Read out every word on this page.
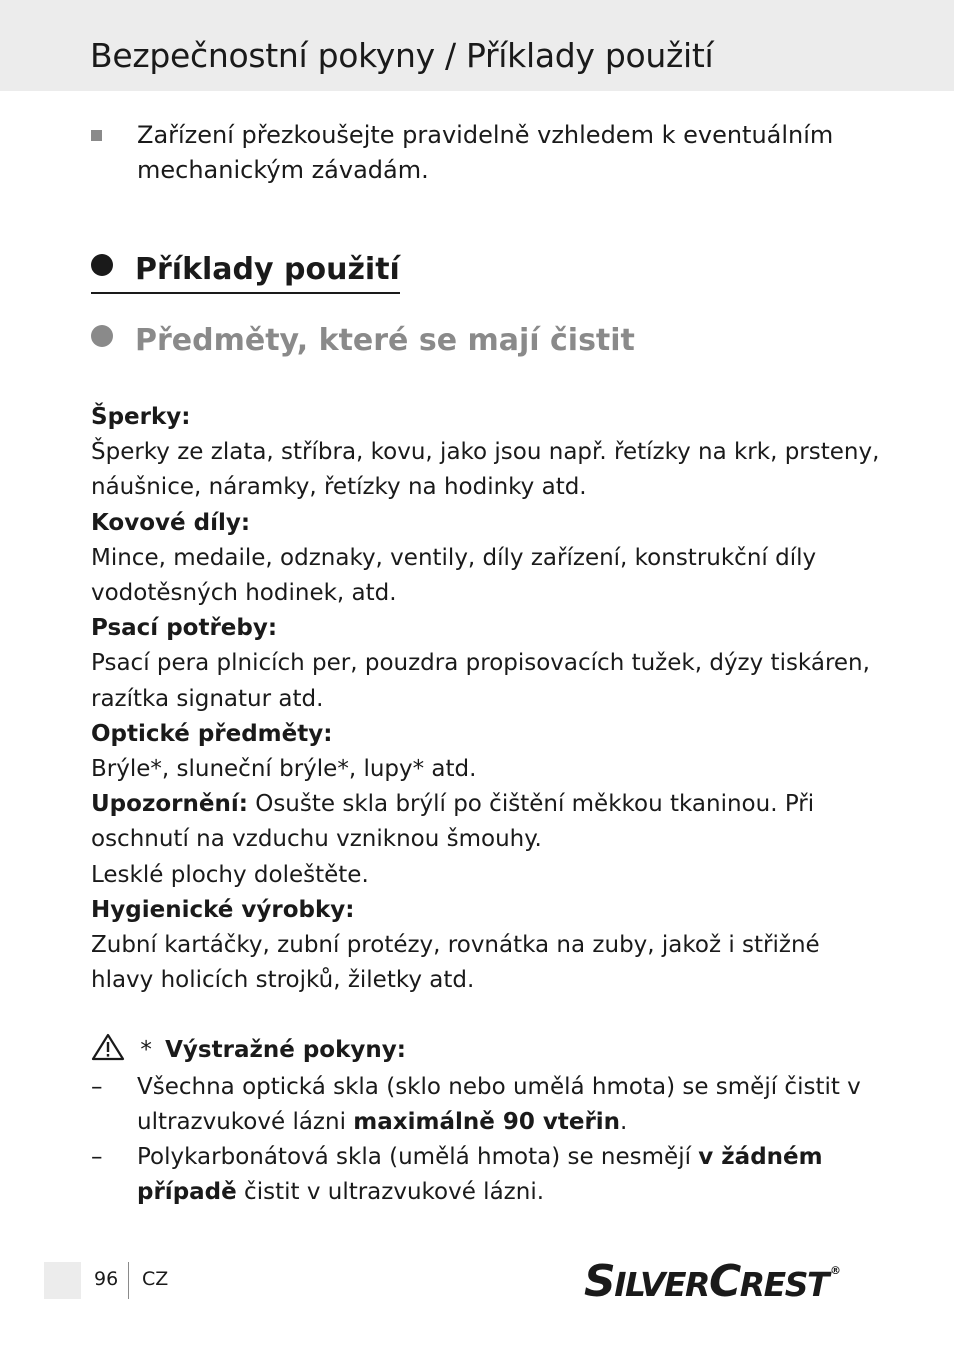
Bezpečnostní pokyny / Příklady použití
Zařízení přezkoušejte pravidelně vzhledem k eventuálním mechanickým závadám.
Příklady použití
Předměty, které se mají čistit

Šperky:

Šperky ze zlata, stříbra, kovu, jako jsou např. řetízky na krk, prsteny, náušnice, náramky, řetízky na hodinky atd.

Kovové díly:

Mince, medaile, odznaky, ventily, díly zařízení, konstrukční díly vodotěsných hodinek, atd.

Psací potřeby:

Psací pera plnicích per, pouzdra propisovacích tužek, dýzy tiskáren, razítka signatur atd.

Optické předměty:

Brýle*, sluneční brýle*, lupy* atd.

Upozornění: Osušte skla brýlí po čištění měkkou tkaninou. Při oschnutí na vzduchu vzniknou šmouhy.

Lesklé plochy doleštěte.

Hygienické výrobky:

Zubní kartáčky, zubní protézy, rovnátka na zuby, jakož i střižné hlavy holicích strojků, žiletky atd.

* Výstražné pokyny:
– Všechna optická skla (sklo nebo umělá hmota) se smějí čistit v ultrazvukové lázni maximálně 90 vteřin.
– Polykarbonátová skla (umělá hmota) se nesmějí v žádném případě čistit v ultrazvukové lázni.
96 CZ	SILVERCREST ®
